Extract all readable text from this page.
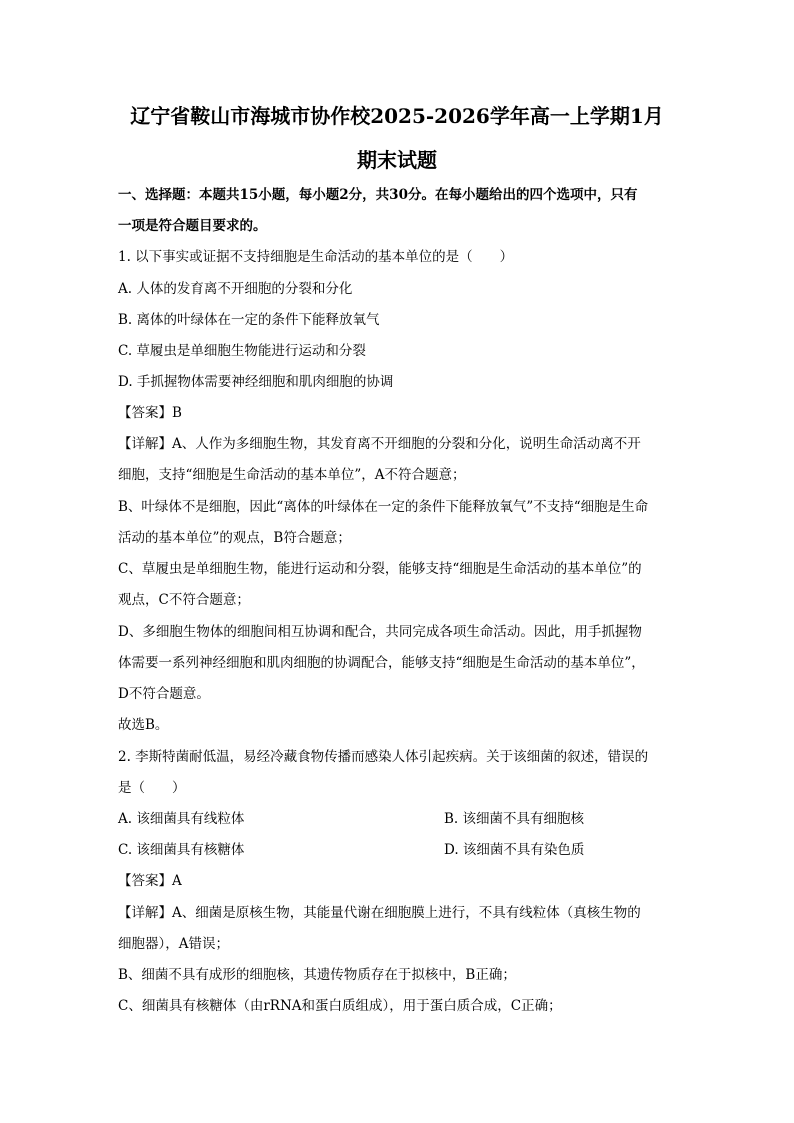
辽宁省鞍山市海城市协作校2025-2026学年高一上学期1月
期末试题
一、选择题：本题共15小题，每小题2分，共30分。在每小题给出的四个选项中，只有
一项是符合题目要求的。
1. 以下事实或证据不支持细胞是生命活动的基本单位的是（　　）
A. 人体的发育离不开细胞的分裂和分化
B. 离体的叶绿体在一定的条件下能释放氧气
C. 草履虫是单细胞生物能进行运动和分裂
D. 手抓握物体需要神经细胞和肌肉细胞的协调
【答案】B
【详解】A、人作为多细胞生物，其发育离不开细胞的分裂和分化，说明生命活动离不开
细胞，支持“细胞是生命活动的基本单位”，A不符合题意；
B、叶绿体不是细胞，因此“离体的叶绿体在一定的条件下能释放氧气”不支持“细胞是生命
活动的基本单位”的观点，B符合题意；
C、草履虫是单细胞生物，能进行运动和分裂，能够支持“细胞是生命活动的基本单位”的
观点，C不符合题意；
D、多细胞生物体的细胞间相互协调和配合，共同完成各项生命活动。因此，用手抓握物
体需要一系列神经细胞和肌肉细胞的协调配合，能够支持“细胞是生命活动的基本单位”，
D不符合题意。
故选B。
2. 李斯特菌耐低温，易经冷藏食物传播而感染人体引起疾病。关于该细菌的叙述，错误的
是（　　）
A. 该细菌具有线粒体	B. 该细菌不具有细胞核
C. 该细菌具有核糖体	D. 该细菌不具有染色质
【答案】A
【详解】A、细菌是原核生物，其能量代谢在细胞膜上进行，不具有线粒体（真核生物的
细胞器），A错误；
B、细菌不具有成形的细胞核，其遗传物质存在于拟核中，B正确；
C、细菌具有核糖体（由rRNA和蛋白质组成），用于蛋白质合成，C正确；
